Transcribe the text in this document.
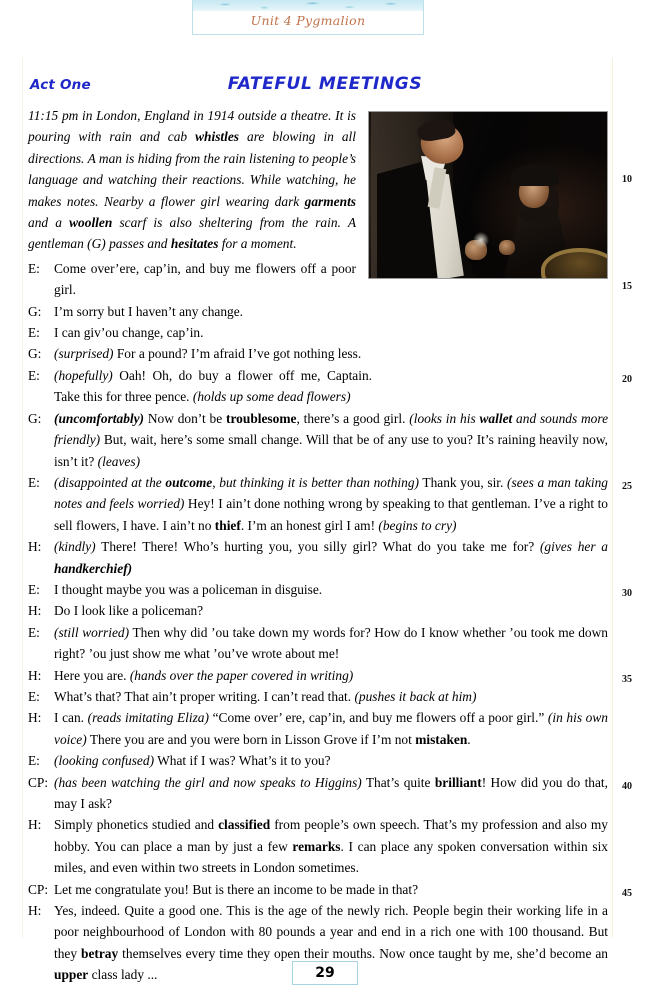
Unit 4 Pygmalion
Act One	FATEFUL MEETINGS

11:15 pm in London, England in 1914 outside a theatre. It is pouring with rain and cab whistles are blowing in all directions. A man is hiding from the rain listening to people’s language and watching their reactions. While watching, he makes notes. Nearby a flower girl wearing dark garments and a woollen scarf is also sheltering from the rain. A gentleman (G) passes and hesitates for a moment.

E: Come over’ere, cap’in, and buy me flowers off a poor girl.

G: I’m sorry but I haven’t any change.

E: I can giv’ou change, cap’in.

G: (surprised) For a pound? I’m afraid I’ve got nothing less.

E: (hopefully) Oah! Oh, do buy a flower off me, Captain. Take this for three pence. (holds up some dead flowers)

G: (uncomfortably) Now don’t be troublesome, there’s a good girl. (looks in his wallet and sounds more friendly) But, wait, here’s some small change. Will that be of any use to you? It’s raining heavily now, isn’t it? (leaves)

E: (disappointed at the outcome, but thinking it is better than nothing) Thank you, sir. (sees a man taking notes and feels worried) Hey! I ain’t done nothing wrong by speaking to that gentleman. I’ve a right to sell flowers, I have. I ain’t no thief. I’m an honest girl I am! (begins to cry)

H: (kindly) There! There! Who’s hurting you, you silly girl? What do you take me for? (gives her a handkerchief)

E: I thought maybe you was a policeman in disguise.

H: Do I look like a policeman?

E: (still worried) Then why did ’ou take down my words for? How do I know whether ’ou took me down right? ’ou just show me what ’ou’ve wrote about me!

H: Here you are. (hands over the paper covered in writing)

E: What’s that? That ain’t proper writing. I can’t read that. (pushes it back at him)

H: I can. (reads imitating Eliza) “Come over’ ere, cap’in, and buy me flowers off a poor girl.” (in his own voice) There you are and you were born in Lisson Grove if I’m not mistaken.

E: (looking confused) What if I was? What’s it to you?

CP: (has been watching the girl and now speaks to Higgins) That’s quite brilliant! How did you do that, may I ask?

H: Simply phonetics studied and classified from people’s own speech. That’s my profession and also my hobby. You can place a man by just a few remarks. I can place any spoken conversation within six miles, and even within two streets in London sometimes.

CP: Let me congratulate you! But is there an income to be made in that?

H: Yes, indeed. Quite a good one. This is the age of the newly rich. People begin their working life in a poor neighbourhood of London with 80 pounds a year and end in a rich one with 100 thousand. But they betray themselves every time they open their mouths. Now once taught by me, she’d become an upper class lady ...

10
15
20
25
30
35
40
45
29
